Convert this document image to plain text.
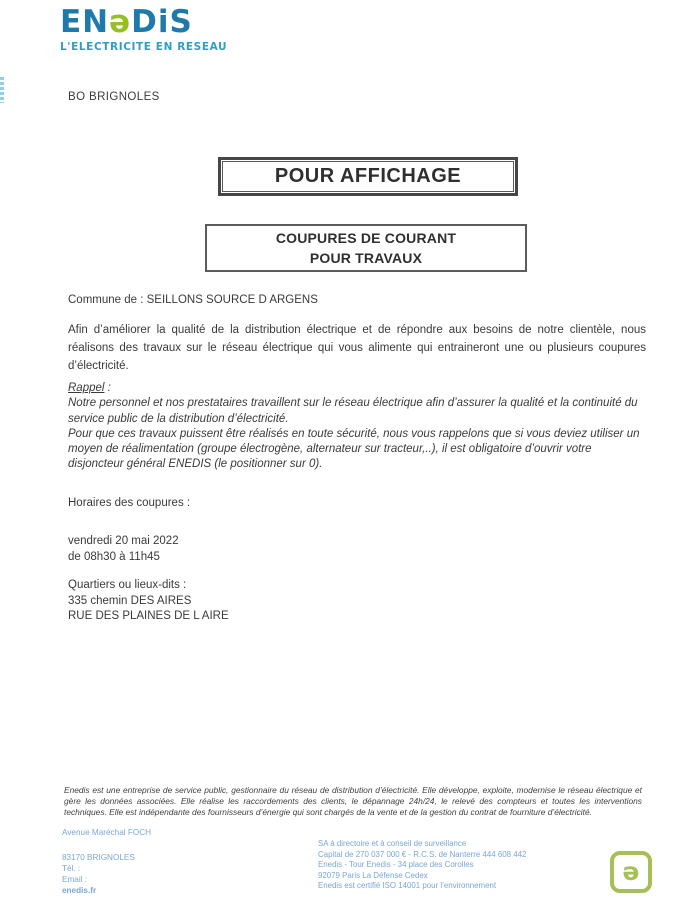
ENǝDiS
L'ELECTRICITE EN RESEAU
BO BRIGNOLES
POUR AFFICHAGE
COUPURES DE COURANT
POUR TRAVAUX
Commune de : SEILLONS SOURCE D ARGENS
Afin d’améliorer la qualité de la distribution électrique et de répondre aux besoins de notre clientèle, nous réalisons des travaux sur le réseau électrique qui vous alimente qui entraineront une ou plusieurs coupures d’électricité.

Rappel :

Notre personnel et nos prestataires travaillent sur le réseau électrique afin d’assurer la qualité et la continuité du service public de la distribution d’électricité.

Pour que ces travaux puissent être réalisés en toute sécurité, nous vous rappelons que si vous deviez utiliser un moyen de réalimentation (groupe électrogène, alternateur sur tracteur,..), il est obligatoire d’ouvrir votre disjoncteur général ENEDIS (le positionner sur 0).

Horaires des coupures :
vendredi 20 mai 2022
de 08h30 à 11h45
Quartiers ou lieux-dits :
335 chemin DES AIRES
RUE DES PLAINES DE L AIRE
Enedis est une entreprise de service public, gestionnaire du réseau de distribution d’électricité. Elle développe, exploite, modernise le réseau électrique et gère les données associées. Elle réalise les raccordements des clients, le dépannage 24h/24, le relevé des compteurs et toutes les interventions techniques. Elle est indépendante des fournisseurs d’énergie qui sont chargés de la vente et de la gestion du contrat de fourniture d’électricité.
Avenue Maréchal FOCH
83170 BRIGNOLES
Tél. :
Email :
enedis.fr
SA à directoire et à conseil de surveillance
Capital de 270 037 000 € - R.C.S. de Nanterre 444 608 442
Enedis - Tour Enedis - 34 place des Corolles
92079 Paris La Défense Cedex
Enedis est certifié ISO 14001 pour l’environnement	ǝ
